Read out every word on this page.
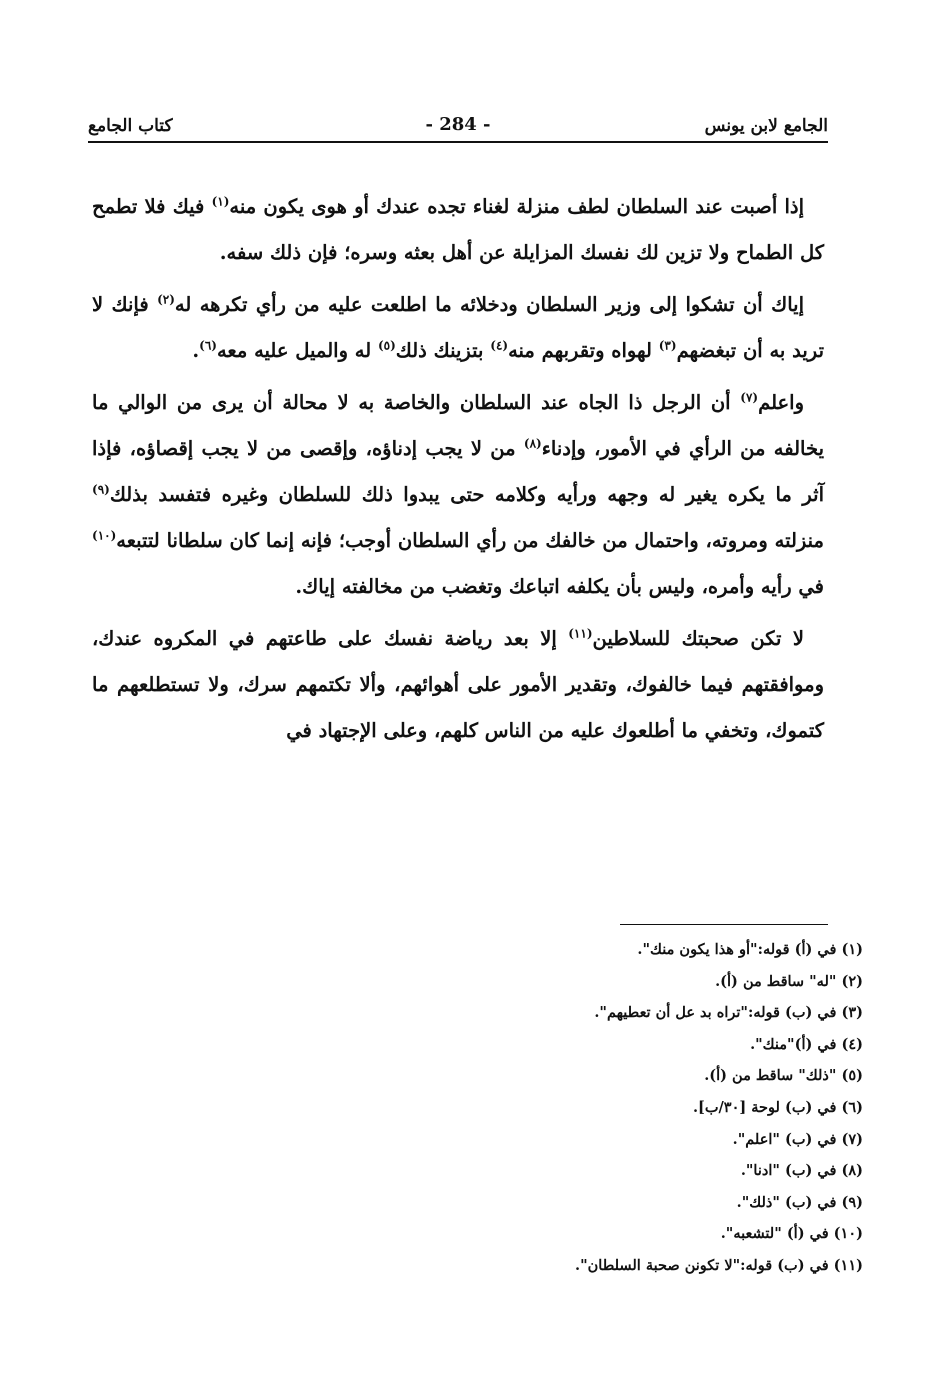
الجامع لابن يونس
- 284 -
كتاب الجامع

إذا أصبت عند السلطان لطف منزلة لغناء تجده عندك أو هوى يكون منه$^{(١)}$ فيك فلا تطمح كل الطماح ولا تزين لك نفسك المزايلة عن أهل بعثه وسره؛ فإن ذلك سفه.

إياك أن تشكوا إلى وزير السلطان ودخلائه ما اطلعت عليه من رأي تكرهه له$^{(٢)}$ فإنك لا تريد به أن تبغضهم$^{(٣)}$ لهواه وتقربهم منه$^{(٤)}$ بتزينك ذلك$^{(٥)}$ له والميل عليه معه$^{(٦)}$.

واعلم$^{(٧)}$ أن الرجل ذا الجاه عند السلطان والخاصة به لا محالة أن يرى من الوالي ما يخالفه من الرأي في الأمور، وإدناء$^{(٨)}$ من لا يجب إدناؤه، وإقصى من لا يجب إقصاؤه، فإذا آثر ما يكره يغير له وجهه ورأيه وكلامه حتى يبدوا ذلك للسلطان وغيره فتفسد بذلك$^{(٩)}$ منزلته ومروته، واحتمال من خالفك من رأي السلطان أوجب؛ فإنه إنما كان سلطانا لتتبعه$^{(١٠)}$ في رأيه وأمره، وليس بأن يكلفه اتباعك وتغضب من مخالفته إياك.

لا تكن صحبتك للسلاطين$^{(١١)}$ إلا بعد رياضة نفسك على طاعتهم في المكروه عندك، وموافقتهم فيما خالفوك، وتقدير الأمور على أهوائهم، وألا تكتمهم سرك، ولا تستطلعهم ما كتموك، وتخفي ما أطلعوك عليه من الناس كلهم، وعلى الإجتهاد في

(١) في (أ) قوله:"أو هذا يكون منك".
(٢) "له" ساقط من (أ).
(٣) في (ب) قوله:"تراه بد عل أن تعطيهم".
(٤) في (أ)"منك".
(٥) "ذلك" ساقط من (أ).
(٦) في (ب) لوحة [٣٠/ب].
(٧) في (ب) "اعلم".
(٨) في (ب) "ادنا".
(٩) في (ب) "ذلك".
(١٠) في (أ) "لتشعبه".
(١١) في (ب) قوله:"لا تكونن صحبة السلطان".
